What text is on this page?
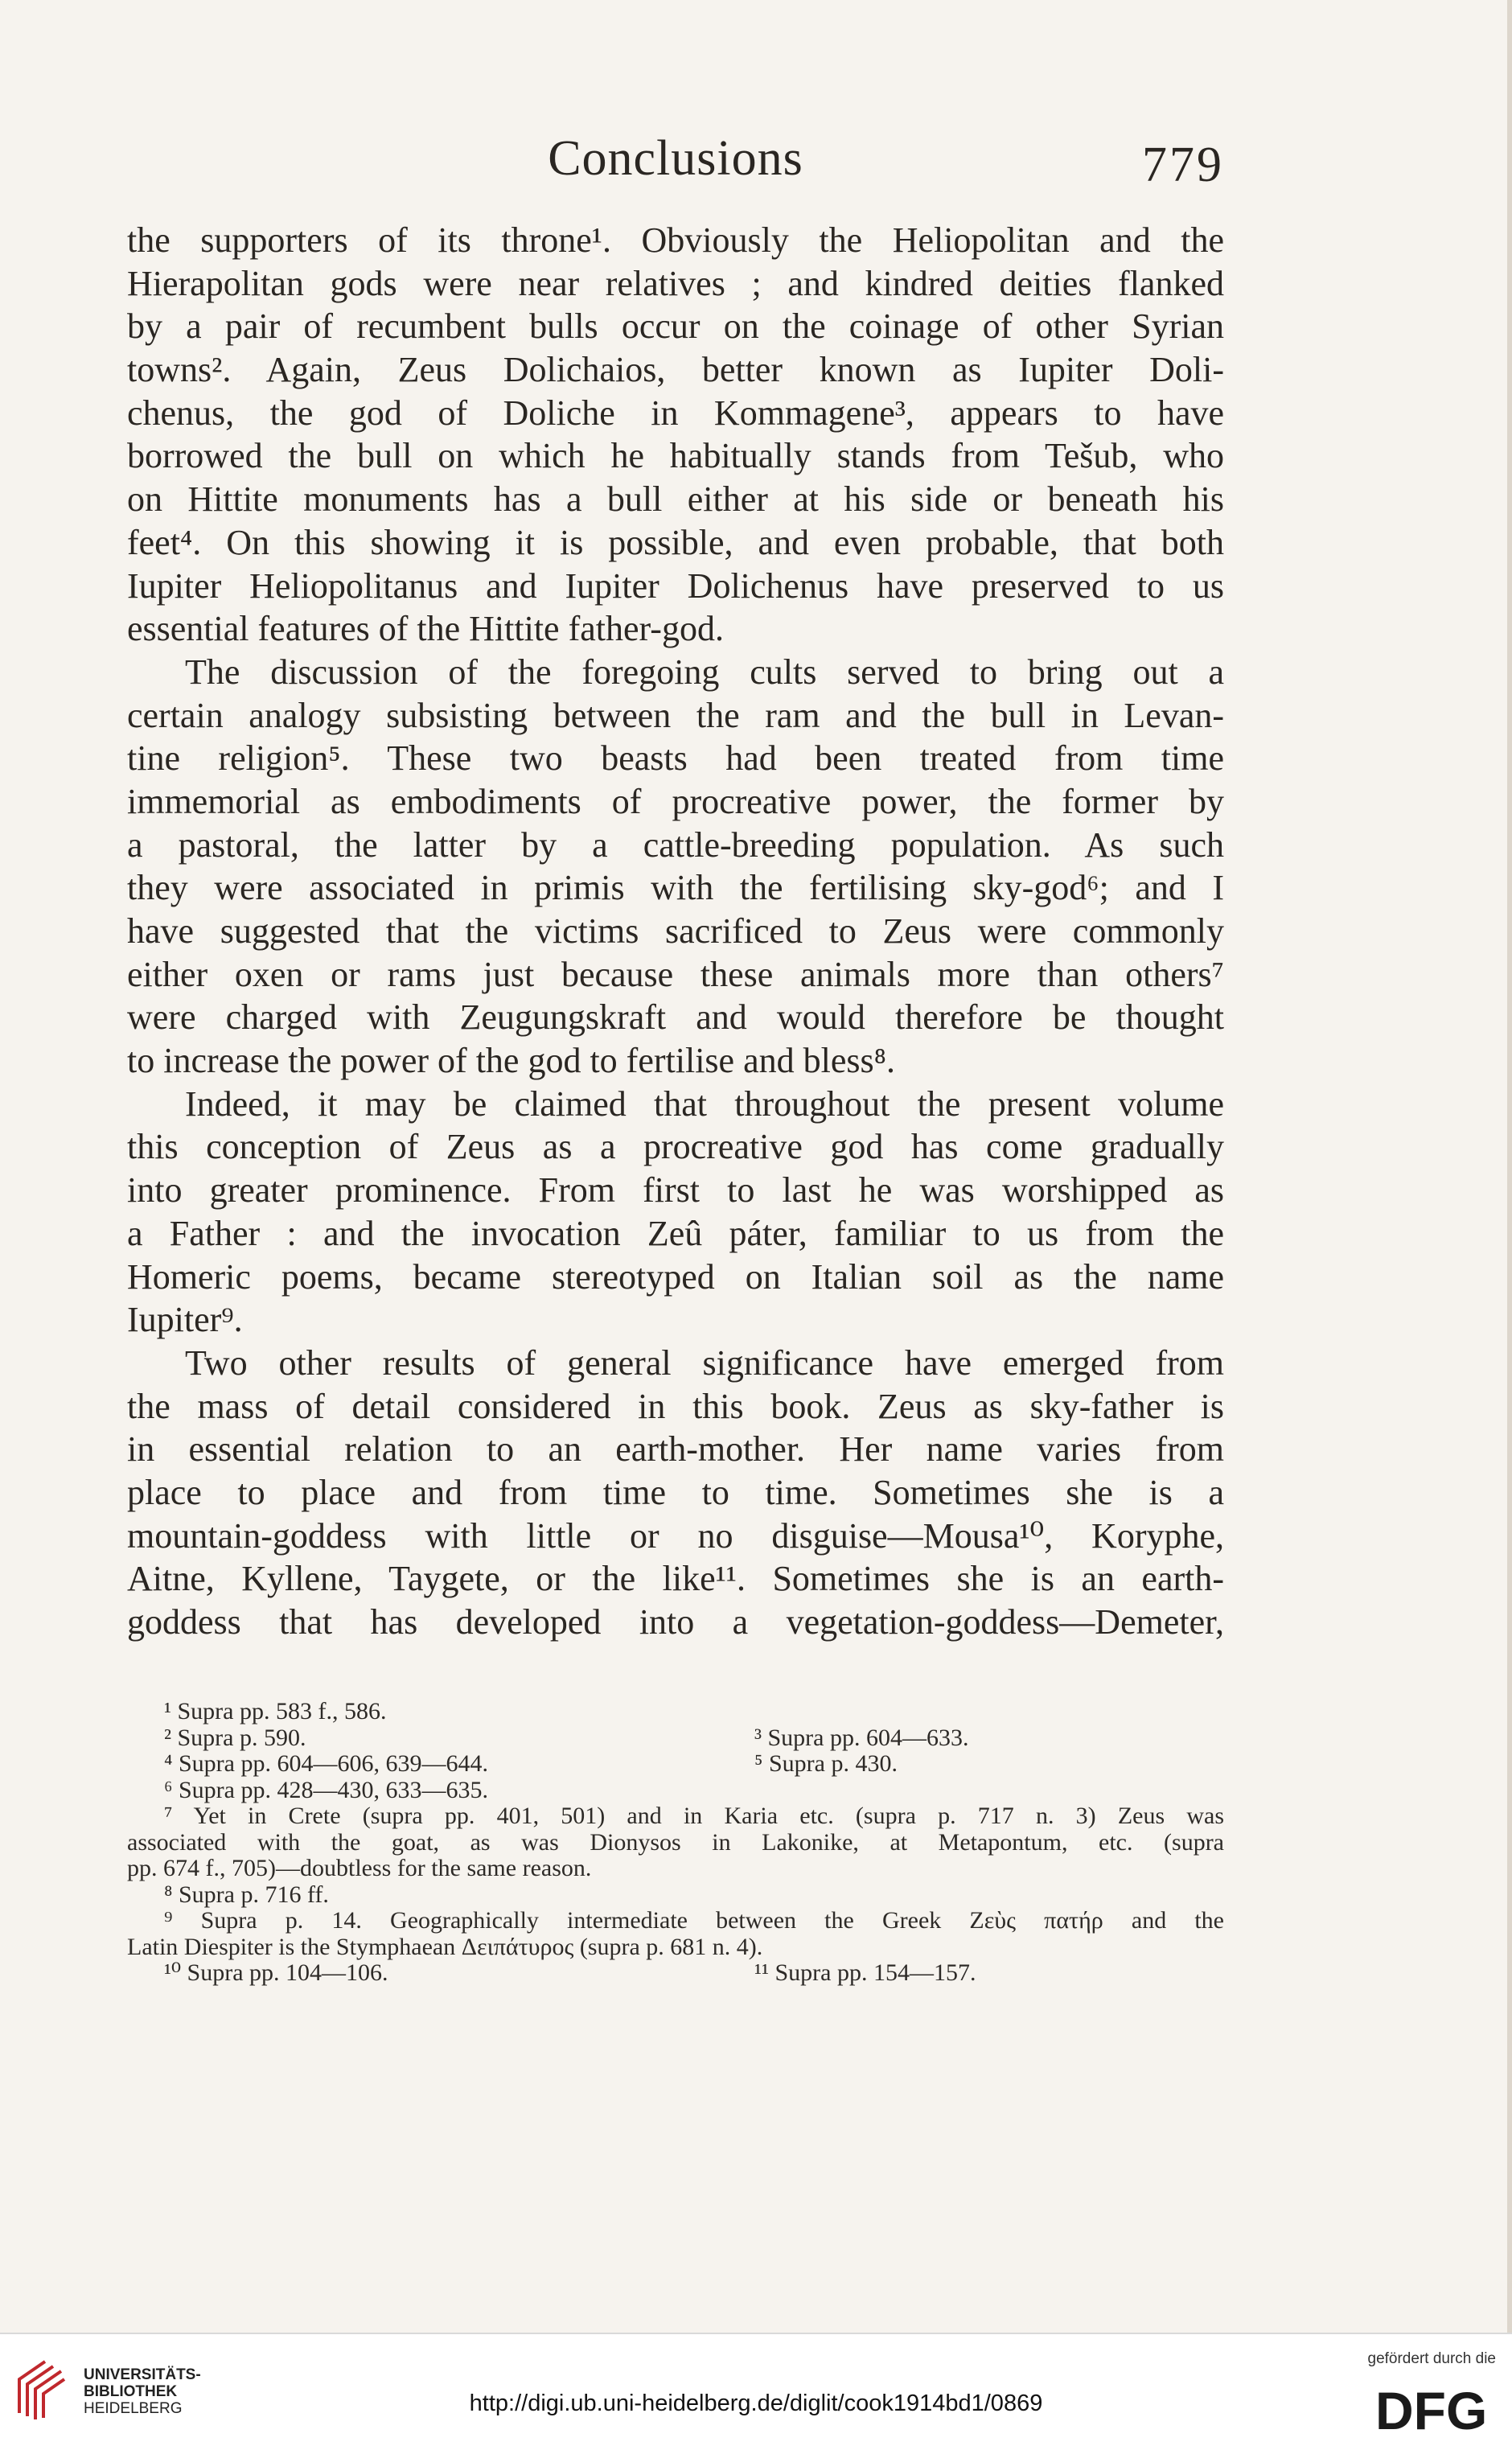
Conclusions	779
the supporters of its throne¹. Obviously the Heliopolitan and the
Hierapolitan gods were near relatives ; and kindred deities flanked
by a pair of recumbent bulls occur on the coinage of other Syrian
towns². Again, Zeus Dolichaios, better known as Iupiter Doli-
chenus, the god of Doliche in Kommagene³, appears to have
borrowed the bull on which he habitually stands from Tešub, who
on Hittite monuments has a bull either at his side or beneath his
feet⁴. On this showing it is possible, and even probable, that both
Iupiter Heliopolitanus and Iupiter Dolichenus have preserved to us
essential features of the Hittite father-god.
The discussion of the foregoing cults served to bring out a
certain analogy subsisting between the ram and the bull in Levan-
tine religion⁵. These two beasts had been treated from time
immemorial as embodiments of procreative power, the former by
a pastoral, the latter by a cattle-breeding population. As such
they were associated in primis with the fertilising sky-god⁶; and I
have suggested that the victims sacrificed to Zeus were commonly
either oxen or rams just because these animals more than others⁷
were charged with Zeugungskraft and would therefore be thought
to increase the power of the god to fertilise and bless⁸.
Indeed, it may be claimed that throughout the present volume
this conception of Zeus as a procreative god has come gradually
into greater prominence. From first to last he was worshipped as
a Father : and the invocation Zeû páter, familiar to us from the
Homeric poems, became stereotyped on Italian soil as the name
Iupiter⁹.
Two other results of general significance have emerged from
the mass of detail considered in this book. Zeus as sky-father is
in essential relation to an earth-mother. Her name varies from
place to place and from time to time. Sometimes she is a
mountain-goddess with little or no disguise—Mousa¹⁰, Koryphe,
Aitne, Kyllene, Taygete, or the like¹¹. Sometimes she is an earth-
goddess that has developed into a vegetation-goddess—Demeter,
¹ Supra pp. 583 f., 586.
² Supra p. 590.	³ Supra pp. 604—633.
⁴ Supra pp. 604—606, 639—644.	⁵ Supra p. 430.
⁶ Supra pp. 428—430, 633—635.
⁷ Yet in Crete (supra pp. 401, 501) and in Karia etc. (supra p. 717 n. 3) Zeus was
associated with the goat, as was Dionysos in Lakonike, at Metapontum, etc. (supra
pp. 674 f., 705)—doubtless for the same reason.
⁸ Supra p. 716 ff.
⁹ Supra p. 14. Geographically intermediate between the Greek Ζεὺς πατήρ and the
Latin Diespiter is the Stymphaean Δειπάτυρος (supra p. 681 n. 4).
¹⁰ Supra pp. 104—106.	¹¹ Supra pp. 154—157.
UNIVERSITÄTS-
BIBLIOTHEK
HEIDELBERG	http://digi.ub.uni-heidelberg.de/diglit/cook1914bd1/0869
gefördert durch die
DFG
